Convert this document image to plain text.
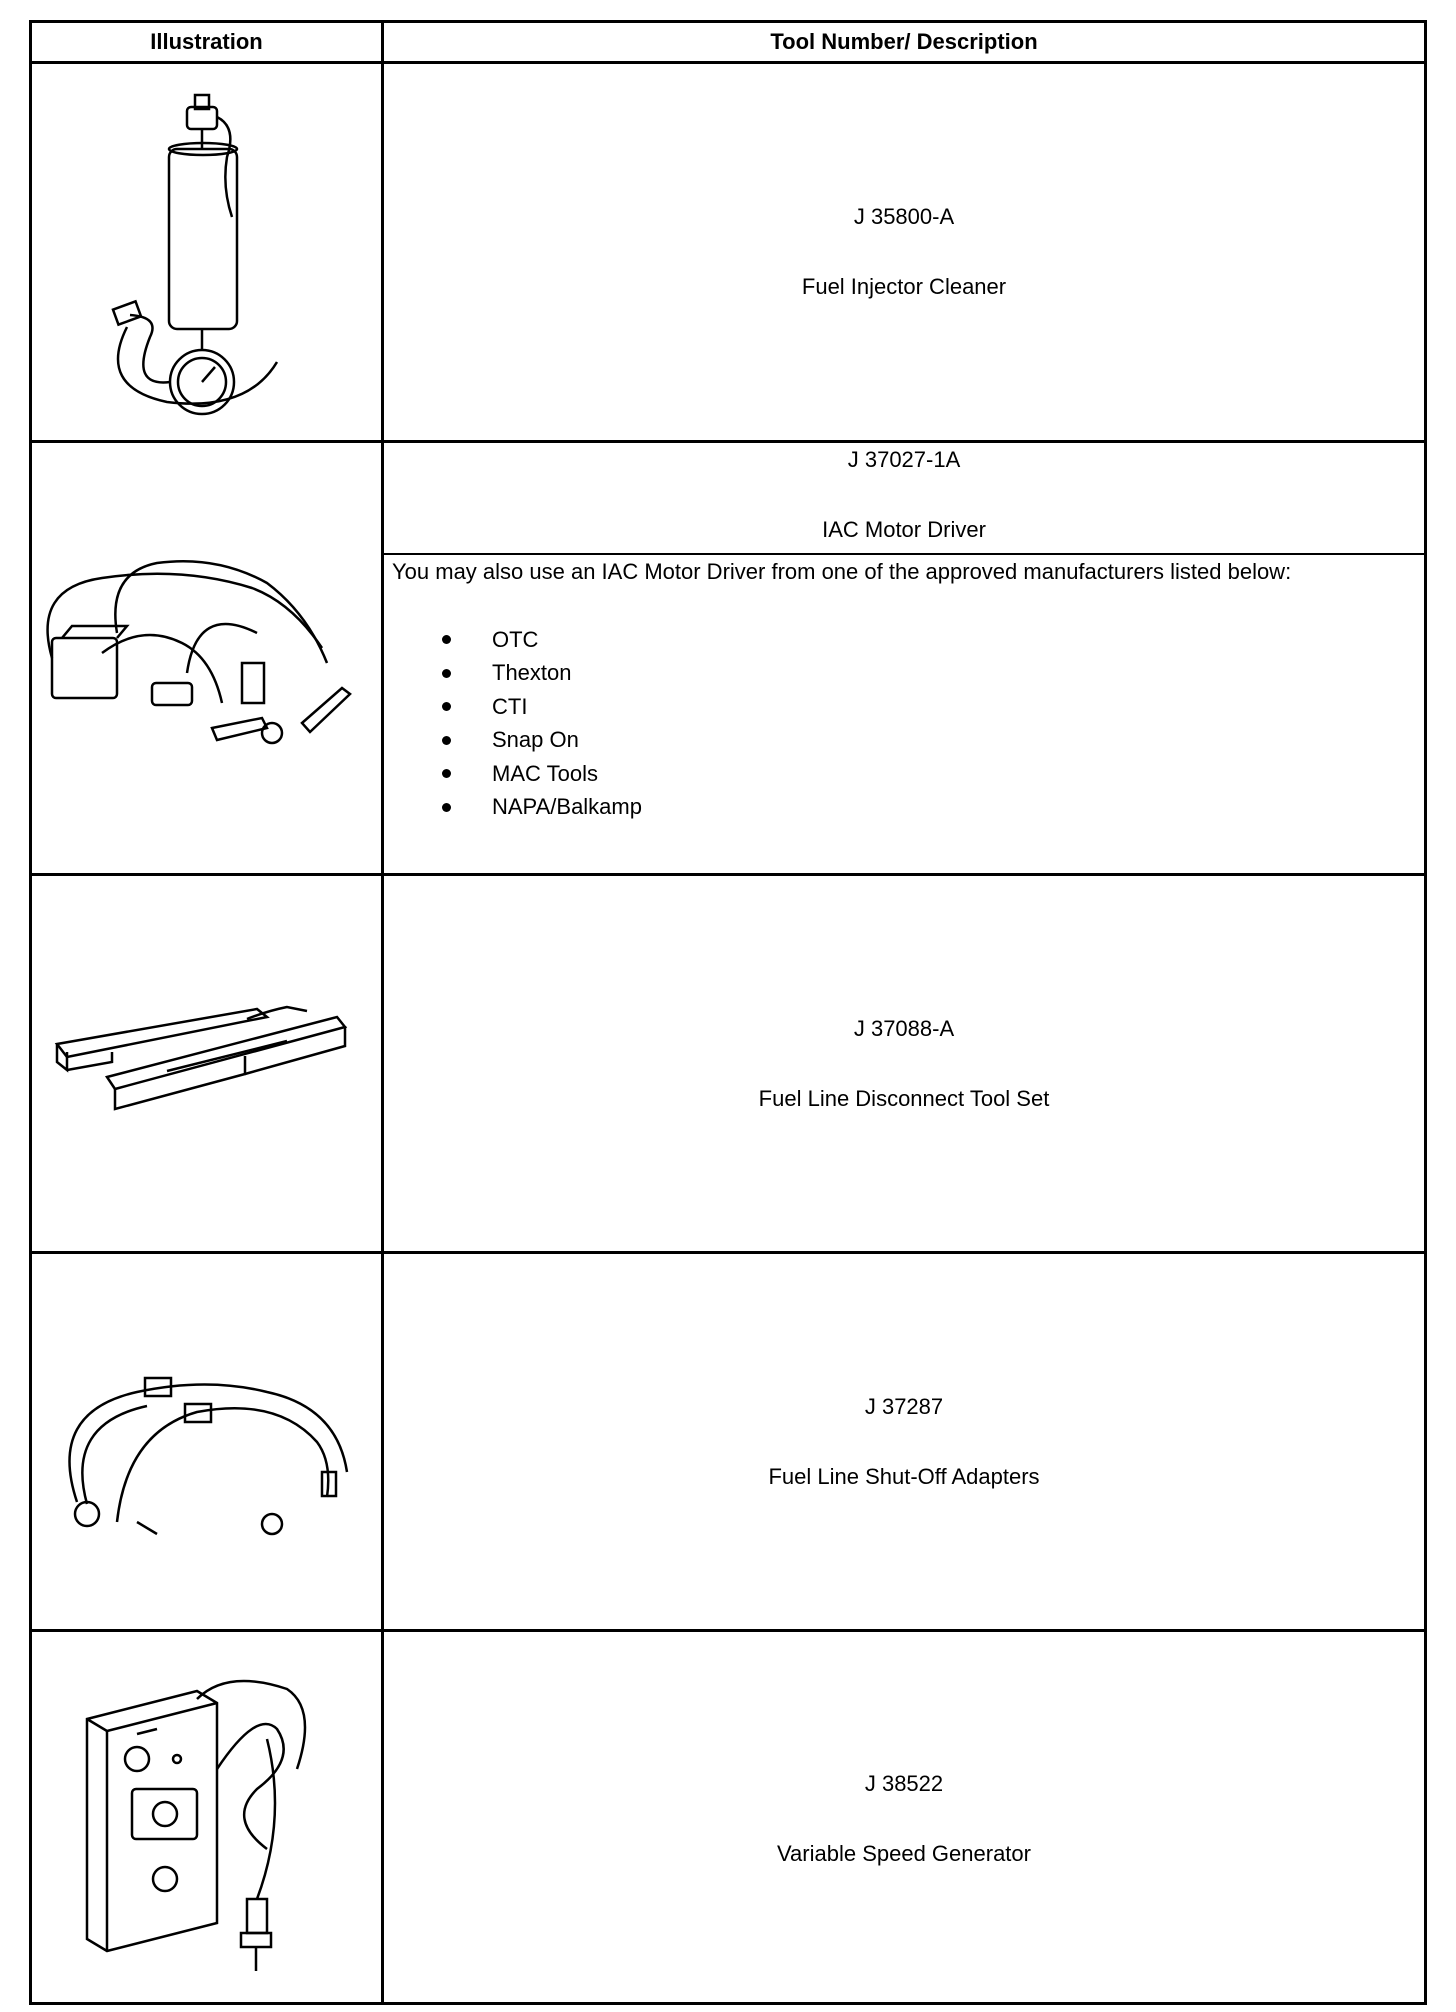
Illustration	Tool Number/ Description
J 35800-A
Fuel Injector Cleaner
J 37027-1A
IAC Motor Driver
You may also use an IAC Motor Driver from one of the approved manufacturers listed below:
OTC
Thexton
CTI
Snap On
MAC Tools
NAPA/Balkamp
J 37088-A
Fuel Line Disconnect Tool Set
J 37287
Fuel Line Shut-Off Adapters
J 38522
Variable Speed Generator
